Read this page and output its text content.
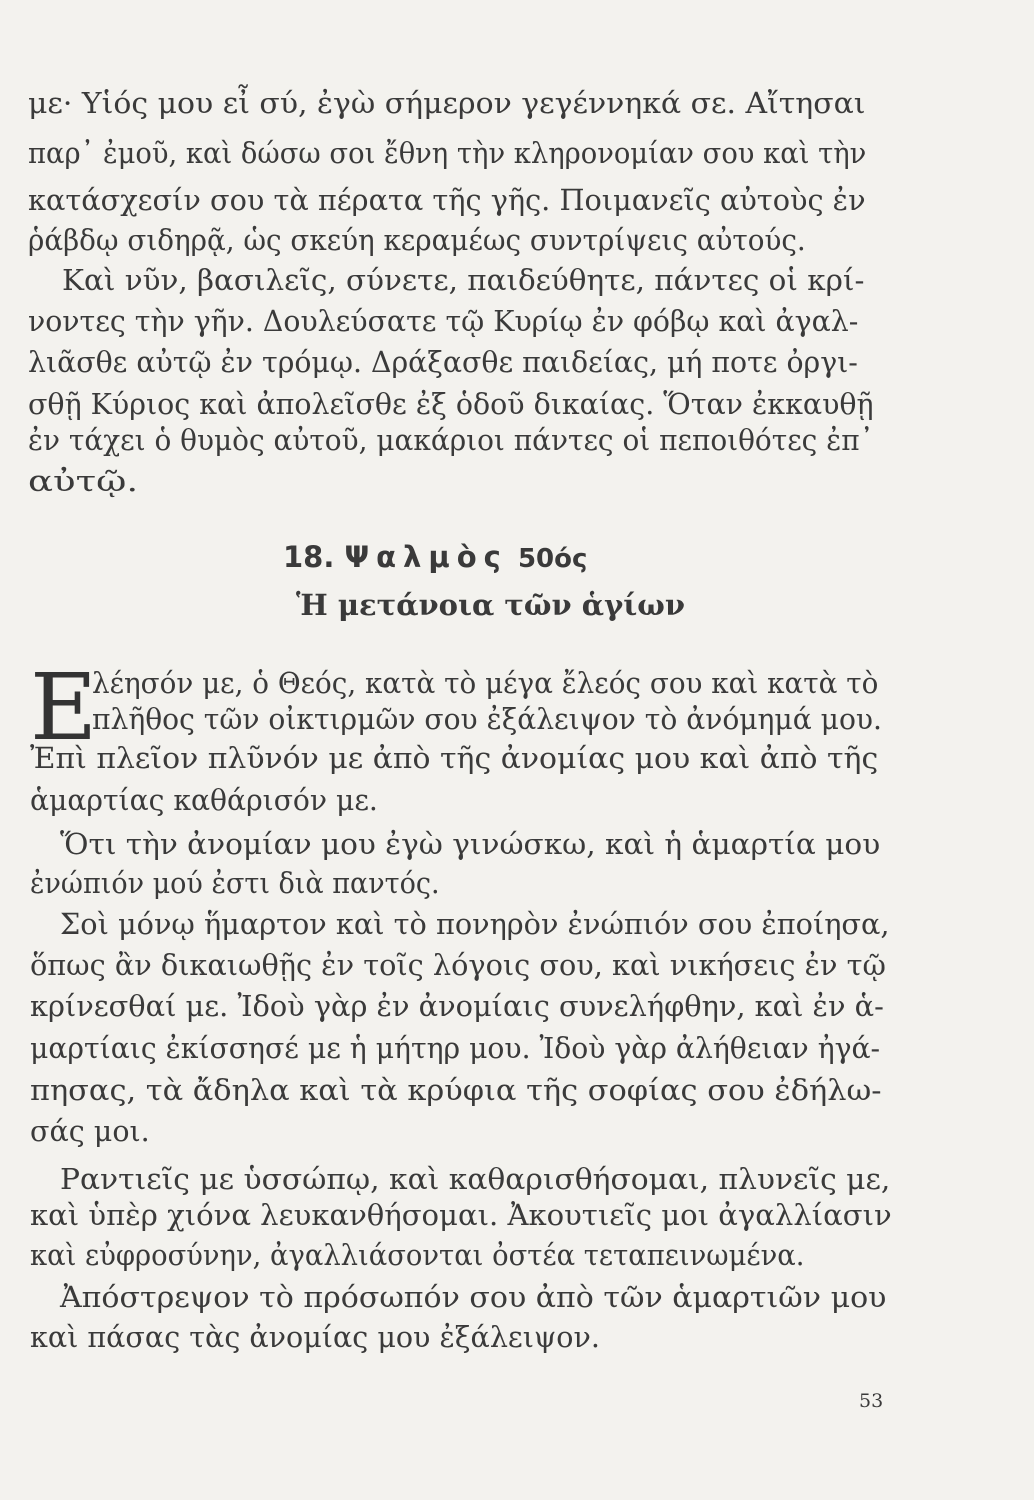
με· Υἱός μου εἶ σύ, ἐγὼ σήμερον γεγέννηκά σε. Αἴτησαι
παρ᾿ ἐμοῦ, καὶ δώσω σοι ἔθνη τὴν κληρονομίαν σου καὶ τὴν
κατάσχεσίν σου τὰ πέρατα τῆς γῆς. Ποιμανεῖς αὐτοὺς ἐν
ῥάβδῳ σιδηρᾷ, ὡς σκεύη κεραμέως συντρίψεις αὐτούς.
Καὶ νῦν, βασιλεῖς, σύνετε, παιδεύθητε, πάντες οἱ κρί-
νοντες τὴν γῆν. Δουλεύσατε τῷ Κυρίῳ ἐν φόβῳ καὶ ἀγαλ-
λιᾶσθε αὐτῷ ἐν τρόμῳ. Δράξασθε παιδείας, μή ποτε ὀργι-
σθῇ Κύριος καὶ ἀπολεῖσθε ἐξ ὁδοῦ δικαίας. Ὅταν ἐκκαυθῇ
ἐν τάχει ὁ θυμὸς αὐτοῦ, μακάριοι πάντες οἱ πεποιθότες ἐπ᾿
αὐτῷ.
18. Ψαλμὸς 50ός
Ἡ μετάνοια τῶν ἁγίων
Ε
λέησόν με, ὁ Θεός, κατὰ τὸ μέγα ἔλεός σου καὶ κατὰ τὸ
πλῆθος τῶν οἰκτιρμῶν σου ἐξάλειψον τὸ ἀνόμημά μου.
Ἐπὶ πλεῖον πλῦνόν με ἀπὸ τῆς ἀνομίας μου καὶ ἀπὸ τῆς
ἁμαρτίας καθάρισόν με.
Ὅτι τὴν ἀνομίαν μου ἐγὼ γινώσκω, καὶ ἡ ἁμαρτία μου
ἐνώπιόν μού ἐστι διὰ παντός.
Σοὶ μόνῳ ἥμαρτον καὶ τὸ πονηρὸν ἐνώπιόν σου ἐποίησα,
ὅπως ἂν δικαιωθῇς ἐν τοῖς λόγοις σου, καὶ νικήσεις ἐν τῷ
κρίνεσθαί με. Ἰδοὺ γὰρ ἐν ἀνομίαις συνελήφθην, καὶ ἐν ἁ-
μαρτίαις ἐκίσσησέ με ἡ μήτηρ μου. Ἰδοὺ γὰρ ἀλήθειαν ἠγά-
πησας, τὰ ἄδηλα καὶ τὰ κρύφια τῆς σοφίας σου ἐδήλω-
σάς μοι.
Ραντιεῖς με ὑσσώπῳ, καὶ καθαρισθήσομαι, πλυνεῖς με,
καὶ ὑπὲρ χιόνα λευκανθήσομαι. Ἀκουτιεῖς μοι ἀγαλλίασιν
καὶ εὐφροσύνην, ἀγαλλιάσονται ὀστέα τεταπεινωμένα.
Ἀπόστρεψον τὸ πρόσωπόν σου ἀπὸ τῶν ἁμαρτιῶν μου
καὶ πάσας τὰς ἀνομίας μου ἐξάλειψον.
53
